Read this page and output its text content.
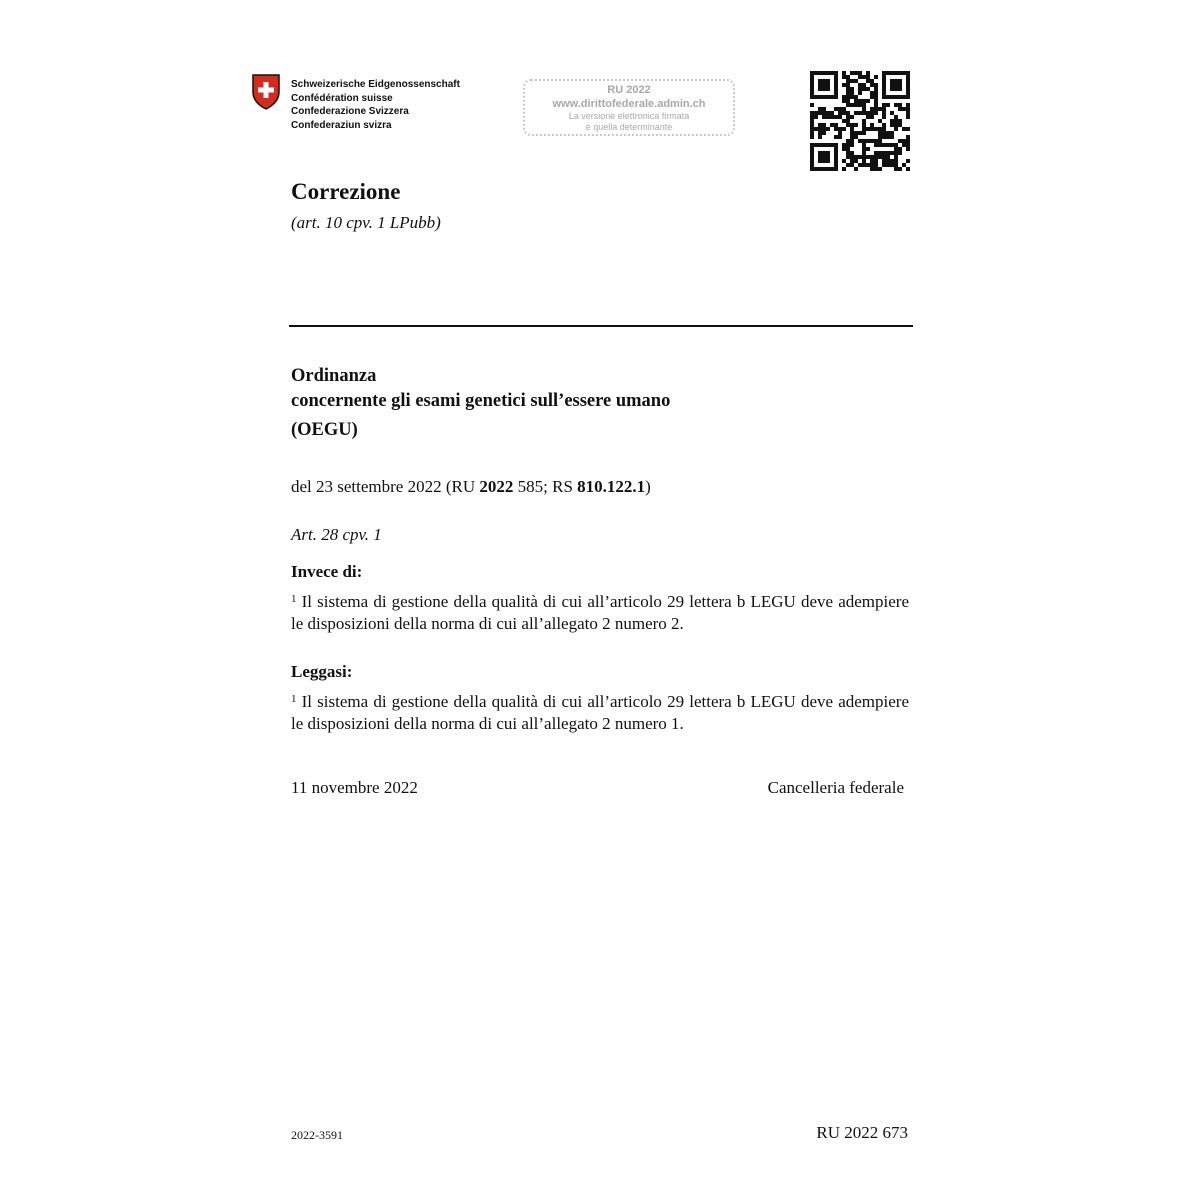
Schweizerische Eidgenossenschaft
Confédération suisse
Confederazione Svizzera
Confederaziun svizra
RU 2022
www.dirittofederale.admin.ch
La versione elettronica firmata
è quella determinante
Correzione
(art. 10 cpv. 1 LPubb)
Ordinanza
concernente gli esami genetici sull’essere umano
(OEGU)
del 23 settembre 2022 (RU 2022 585; RS 810.122.1)
Art. 28 cpv. 1
Invece di:
$^1$ Il sistema di gestione della qualità di cui all’articolo 29 lettera b LEGU deve adempiere le disposizioni della norma di cui all’allegato 2 numero 2.
Leggasi:
$^1$ Il sistema di gestione della qualità di cui all’articolo 29 lettera b LEGU deve adempiere le disposizioni della norma di cui all’allegato 2 numero 1.
11 novembre 2022	Cancelleria federale
2022-3591	RU 2022 673
